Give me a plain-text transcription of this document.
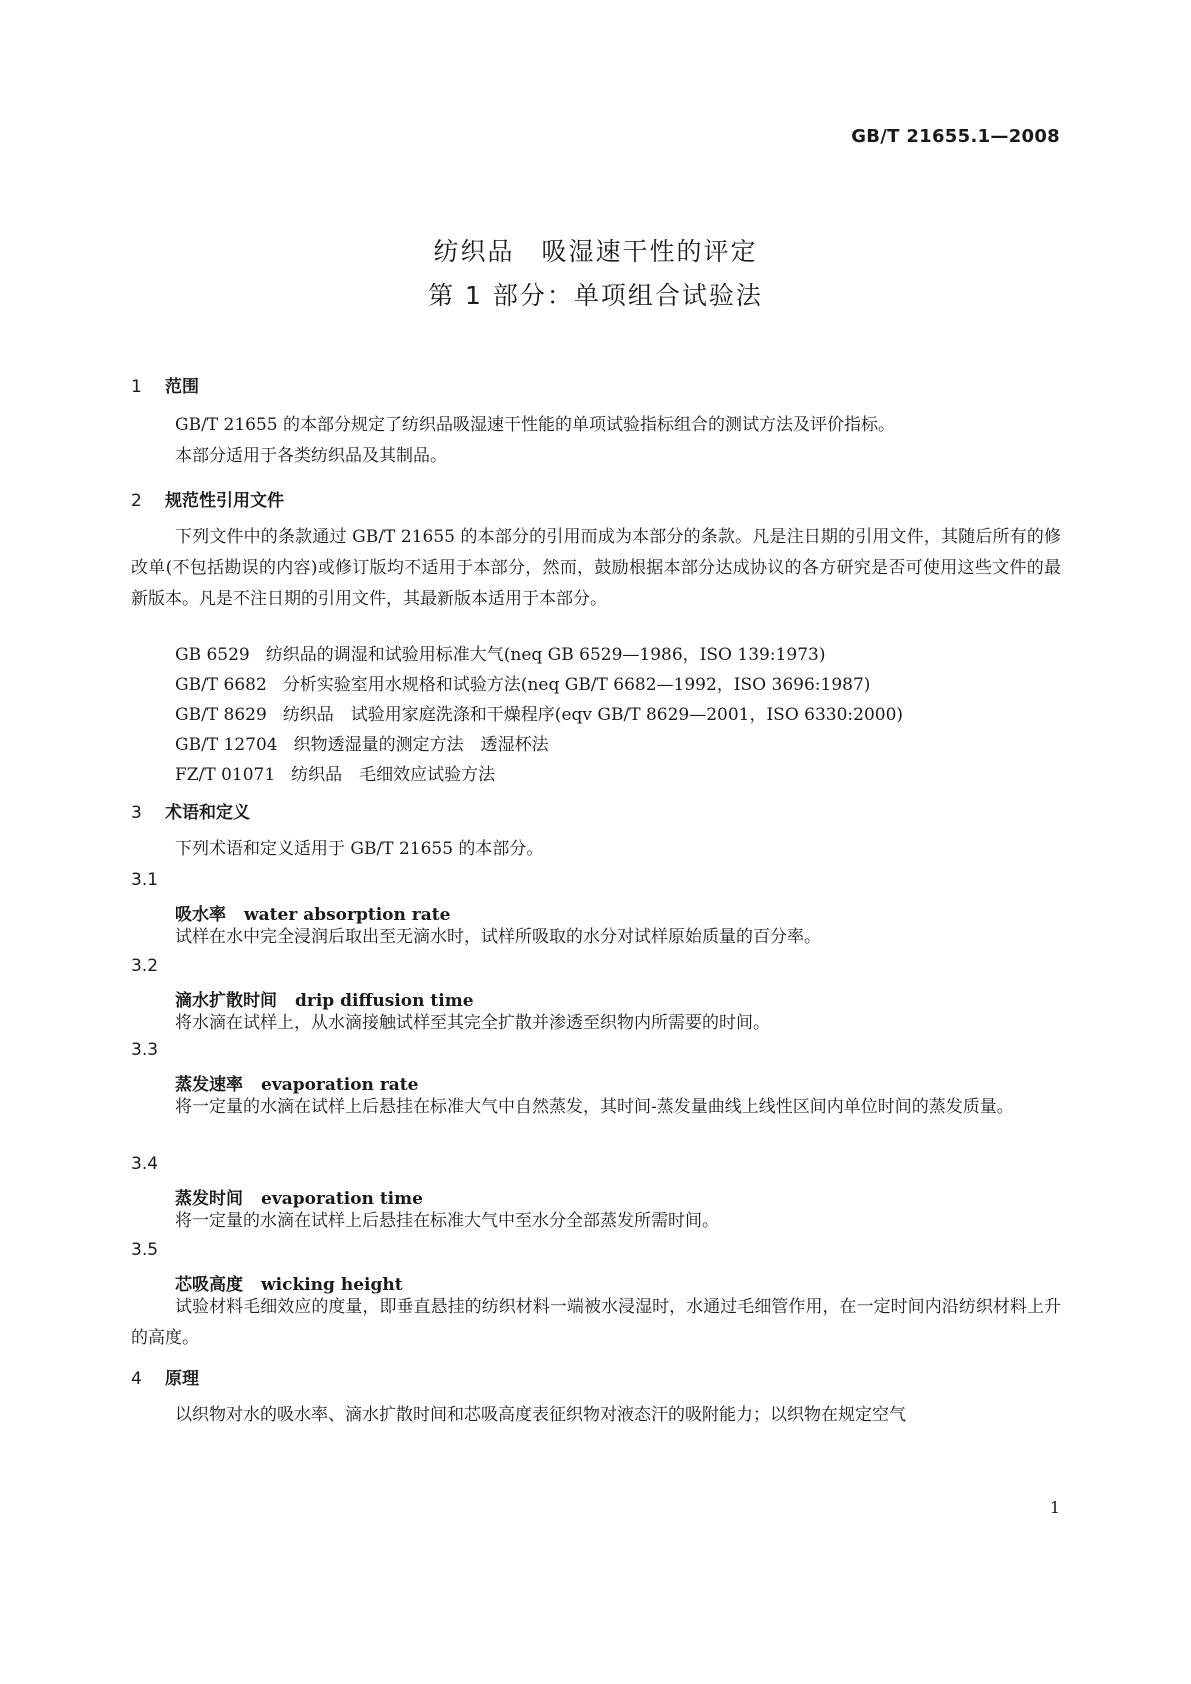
GB/T 21655.1—2008
纺织品　吸湿速干性的评定
第 1 部分：单项组合试验法
1 范围
GB/T 21655 的本部分规定了纺织品吸湿速干性能的单项试验指标组合的测试方法及评价指标。
本部分适用于各类纺织品及其制品。
2 规范性引用文件
下列文件中的条款通过 GB/T 21655 的本部分的引用而成为本部分的条款。凡是注日期的引用文件，其随后所有的修改单(不包括勘误的内容)或修订版均不适用于本部分，然而，鼓励根据本部分达成协议的各方研究是否可使用这些文件的最新版本。凡是不注日期的引用文件，其最新版本适用于本部分。
GB 6529 纺织品的调湿和试验用标准大气(neq GB 6529—1986，ISO 139:1973)
GB/T 6682 分析实验室用水规格和试验方法(neq GB/T 6682—1992，ISO 3696:1987)
GB/T 8629 纺织品　试验用家庭洗涤和干燥程序(eqv GB/T 8629—2001，ISO 6330:2000)
GB/T 12704 织物透湿量的测定方法　透湿杯法
FZ/T 01071 纺织品　毛细效应试验方法
3 术语和定义
下列术语和定义适用于 GB/T 21655 的本部分。
3.1
吸水率 water absorption rate
试样在水中完全浸润后取出至无滴水时，试样所吸取的水分对试样原始质量的百分率。
3.2
滴水扩散时间 drip diffusion time
将水滴在试样上，从水滴接触试样至其完全扩散并渗透至织物内所需要的时间。
3.3
蒸发速率 evaporation rate
将一定量的水滴在试样上后悬挂在标准大气中自然蒸发，其时间-蒸发量曲线上线性区间内单位时间的蒸发质量。
3.4
蒸发时间 evaporation time
将一定量的水滴在试样上后悬挂在标准大气中至水分全部蒸发所需时间。
3.5
芯吸高度 wicking height
试验材料毛细效应的度量，即垂直悬挂的纺织材料一端被水浸湿时，水通过毛细管作用，在一定时间内沿纺织材料上升的高度。
4 原理
以织物对水的吸水率、滴水扩散时间和芯吸高度表征织物对液态汗的吸附能力；以织物在规定空气
1
